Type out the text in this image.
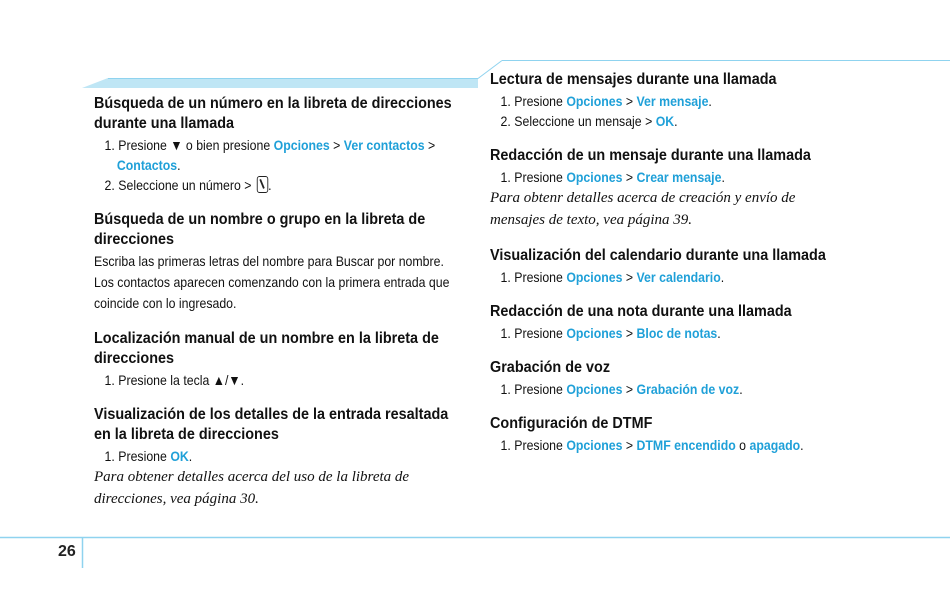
Búsqueda de un número en la libreta de direcciones durante una llamada
1. Presione ▼ o bien presione Opciones > Ver contactos >
Contactos.
2. Seleccione un número > .
Búsqueda de un nombre o grupo en la libreta de direcciones
Escriba las primeras letras del nombre para Buscar por nombre. Los contactos aparecen comenzando con la primera entrada que coincide con lo ingresado.
Localización manual de un nombre en la libreta de direcciones
1. Presione la tecla ▲/▼.
Visualización de los detalles de la entrada resaltada en la libreta de direcciones
1. Presione OK.
Para obtener detalles acerca del uso de la libreta de direcciones, vea página 30.
Lectura de mensajes durante una llamada
1. Presione Opciones > Ver mensaje.
2. Seleccione un mensaje > OK.
Redacción de un mensaje durante una llamada
1. Presione Opciones > Crear mensaje.
Para obtenr detalles acerca de creación y envío de mensajes de texto, vea página 39.
Visualización del calendario durante una llamada
1. Presione Opciones > Ver calendario.
Redacción de una nota durante una llamada
1. Presione Opciones > Bloc de notas.
Grabación de voz
1. Presione Opciones > Grabación de voz.
Configuración de DTMF
1. Presione Opciones > DTMF encendido o apagado.
26
